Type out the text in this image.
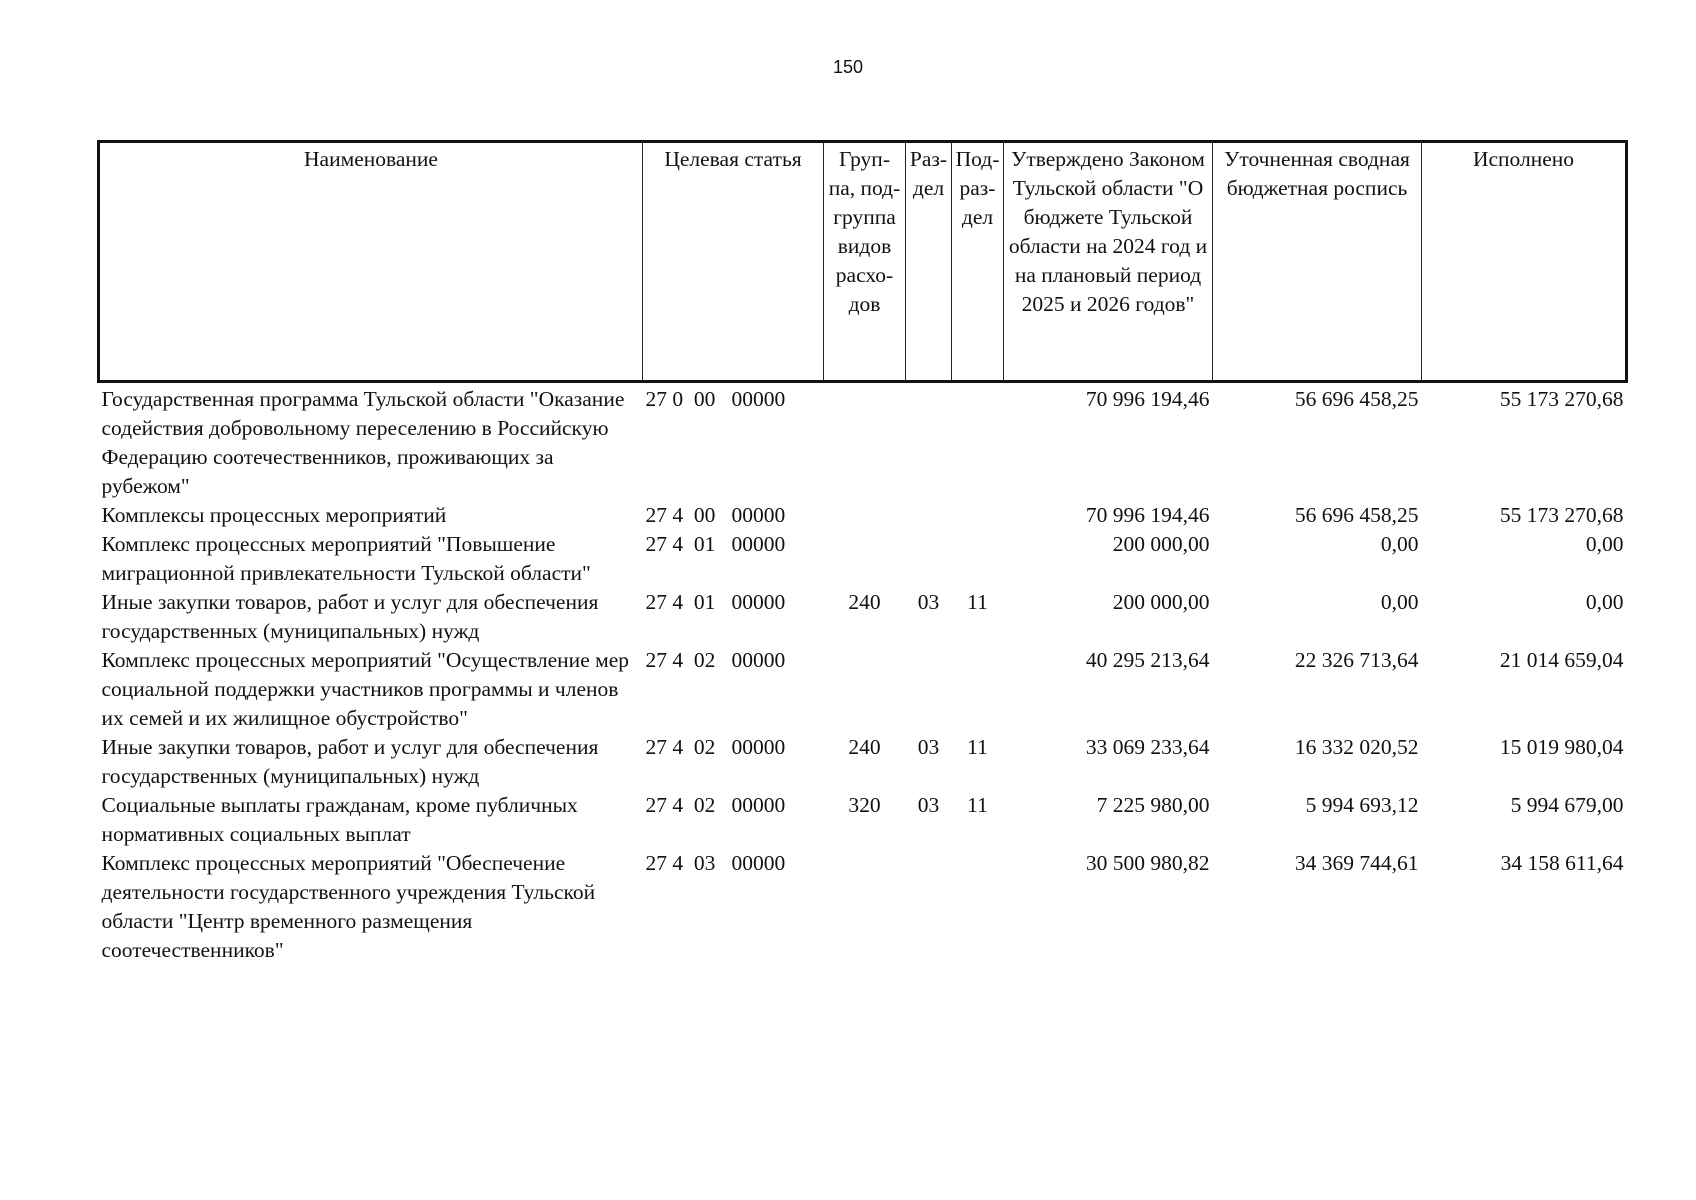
150
Наименование	Целевая статья	Груп-па, под-группа видов расхо-дов	Раз-дел	Под-раз-дел	Утверждено Законом Тульской области "О бюджете Тульской области на 2024 год и на плановый период 2025 и 2026 годов"	Уточненная сводная бюджетная роспись	Исполнено
Государственная программа Тульской области "Оказание содействия добровольному переселению в Российскую Федерацию соотечественников, проживающих за рубежом"	27 0  00   00000				70 996 194,46	56 696 458,25	55 173 270,68
Комплексы процессных мероприятий	27 4  00   00000				70 996 194,46	56 696 458,25	55 173 270,68
Комплекс процессных мероприятий "Повышение миграционной привлекательности Тульской области"	27 4  01   00000				200 000,00	0,00	0,00
Иные закупки товаров, работ и услуг для обеспечения государственных (муниципальных) нужд	27 4  01   00000	240	03	11	200 000,00	0,00	0,00
Комплекс процессных мероприятий "Осуществление мер социальной поддержки участников программы и членов их семей и их жилищное обустройство"	27 4  02   00000				40 295 213,64	22 326 713,64	21 014 659,04
Иные закупки товаров, работ и услуг для обеспечения государственных (муниципальных) нужд	27 4  02   00000	240	03	11	33 069 233,64	16 332 020,52	15 019 980,04
Социальные выплаты гражданам, кроме публичных нормативных социальных выплат	27 4  02   00000	320	03	11	7 225 980,00	5 994 693,12	5 994 679,00
Комплекс процессных мероприятий "Обеспечение деятельности государственного учреждения Тульской области "Центр временного размещения соотечественников"	27 4  03   00000				30 500 980,82	34 369 744,61	34 158 611,64
